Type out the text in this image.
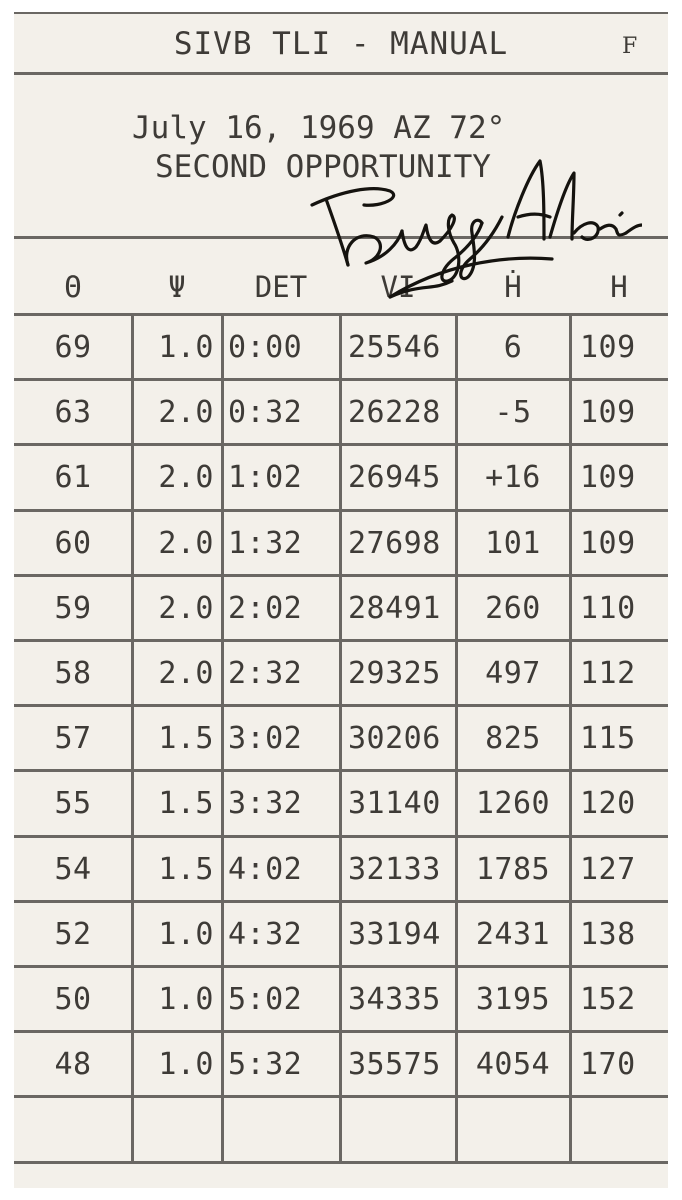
SIVB TLI - MANUAL	F
July 16, 1969 AZ 72°
SECOND OPPORTUNITY
Θ	Ψ	DET	VI	Ḣ	H
69	1.0 0:00	25546	6	109
63	2.0 0:32	26228	-5	109
61	2.0 1:02	26945	+16	109
60	2.0 1:32	27698	101	109
59	2.0 2:02	28491	260	110
58	2.0 2:32	29325	497	112
57	1.5 3:02	30206	825	115
55	1.5 3:32	31140	1260 120
54	1.5 4:02	32133	1785 127
52	1.0 4:32	33194	2431 138
50	1.0 5:02	34335	3195 152
48	1.0 5:32	35575	4054 170
